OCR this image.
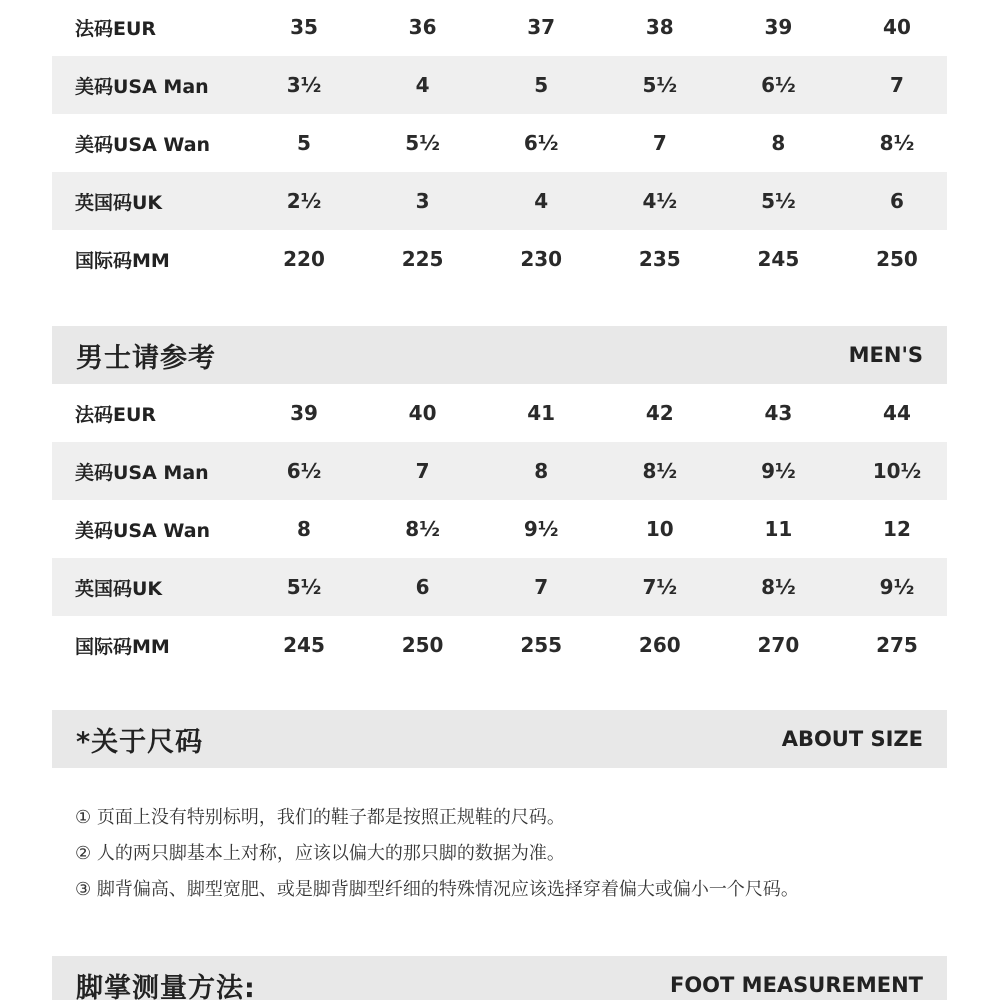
法码EUR	35	36	37	38	39	40
美码USA Man	3½	4	5	5½	6½	7
美码USA Wan	5	5½	6½	7	8	8½
英国码UK	2½	3	4	4½	5½	6
国际码MM	220	225	230	235	245	250
男士请参考	MEN'S
法码EUR	39	40	41	42	43	44
美码USA Man	6½	7	8	8½	9½	10½
美码USA Wan	8	8½	9½	10	11	12
英国码UK	5½	6	7	7½	8½	9½
国际码MM	245	250	255	260	270	275
*关于尺码	ABOUT SIZE
① 页面上没有特别标明，我们的鞋子都是按照正规鞋的尺码。
② 人的两只脚基本上对称，应该以偏大的那只脚的数据为准。
③ 脚背偏高、脚型宽肥、或是脚背脚型纤细的特殊情况应该选择穿着偏大或偏小一个尺码。
脚掌测量方法:	FOOT MEASUREMENT
